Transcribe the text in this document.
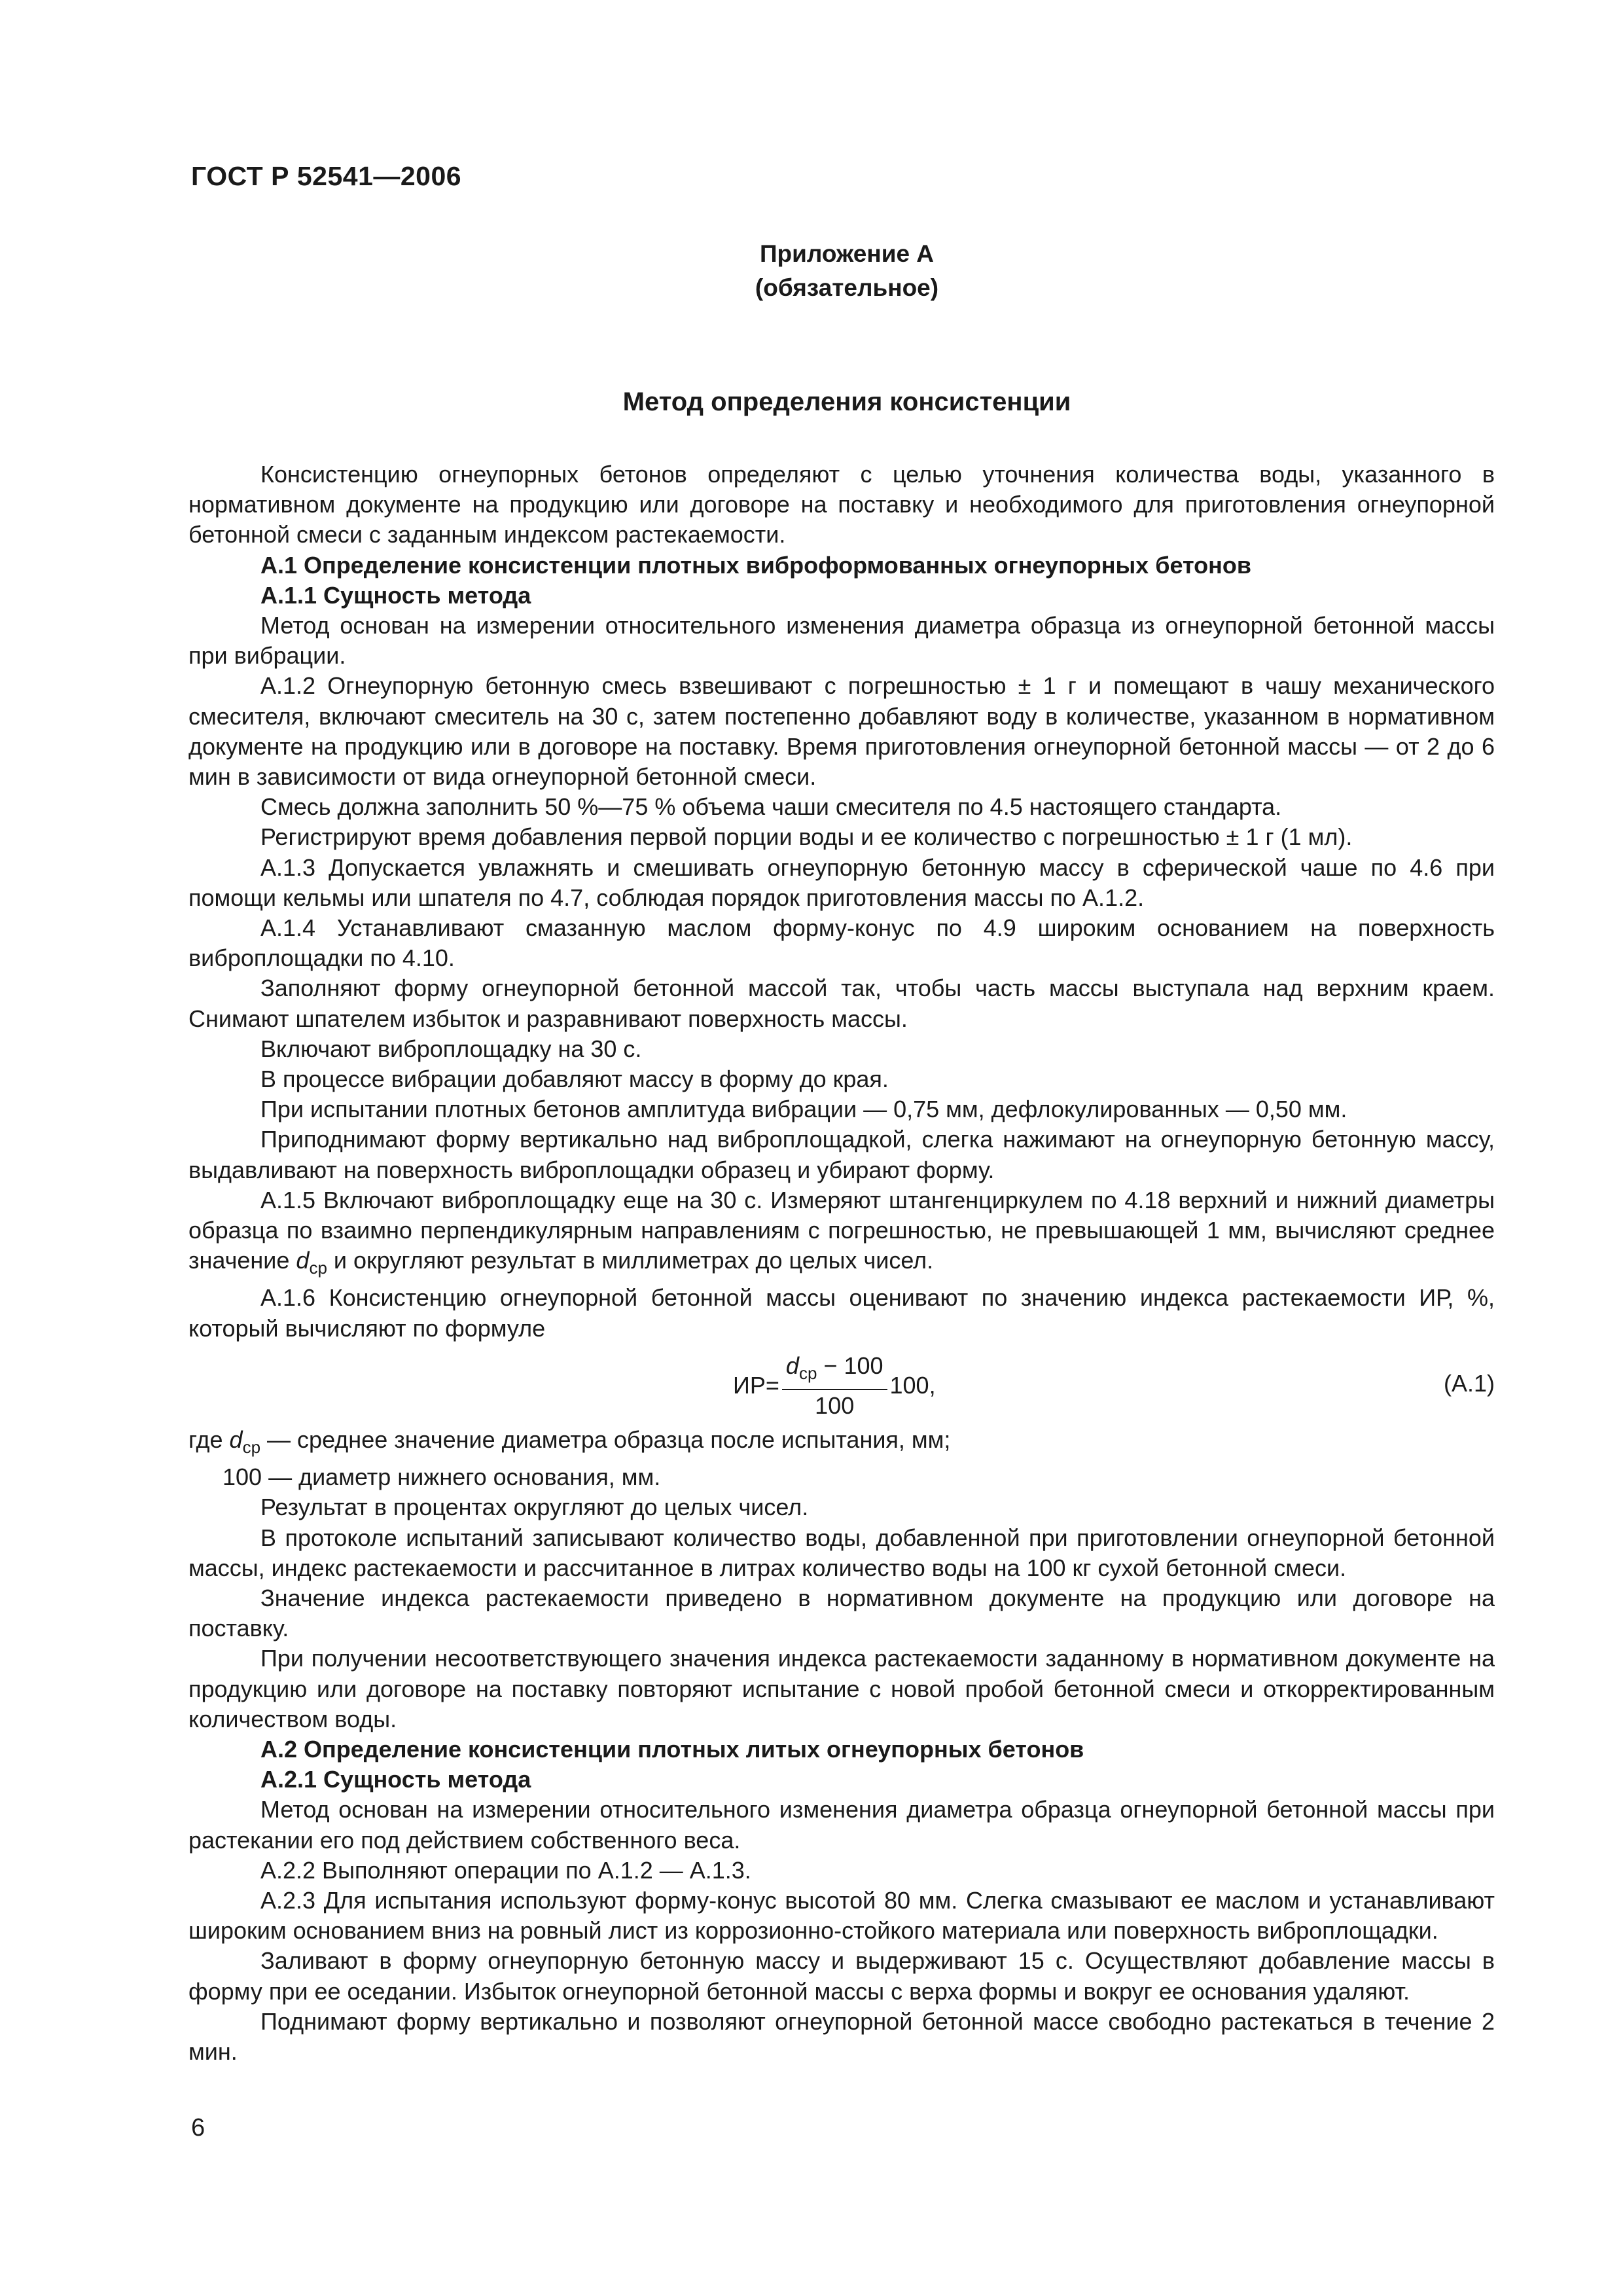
ГОСТ Р 52541—2006
Приложение А
(обязательное)
Метод определения консистенции

Консистенцию огнеупорных бетонов определяют с целью уточнения количества воды, указанного в нормативном документе на продукцию или договоре на поставку и необходимого для приготовления огнеупорной бетонной смеси с заданным индексом растекаемости.

А.1 Определение консистенции плотных виброформованных огнеупорных бетонов

А.1.1 Сущность метода

Метод основан на измерении относительного изменения диаметра образца из огнеупорной бетонной массы при вибрации.

А.1.2 Огнеупорную бетонную смесь взвешивают с погрешностью ± 1 г и помещают в чашу механического смесителя, включают смеситель на 30 с, затем постепенно добавляют воду в количестве, указанном в нормативном документе на продукцию или в договоре на поставку. Время приготовления огнеупорной бетонной массы — от 2 до 6 мин в зависимости от вида огнеупорной бетонной смеси.

Смесь должна заполнить 50 %—75 % объема чаши смесителя по 4.5 настоящего стандарта.

Регистрируют время добавления первой порции воды и ее количество с погрешностью ± 1 г (1 мл).

А.1.3 Допускается увлажнять и смешивать огнеупорную бетонную массу в сферической чаше по 4.6 при помощи кельмы или шпателя по 4.7, соблюдая порядок приготовления массы по А.1.2.

А.1.4 Устанавливают смазанную маслом форму-конус по 4.9 широким основанием на поверхность виброплощадки по 4.10.

Заполняют форму огнеупорной бетонной массой так, чтобы часть массы выступала над верхним краем. Снимают шпателем избыток и разравнивают поверхность массы.

Включают виброплощадку на 30 с.

В процессе вибрации добавляют массу в форму до края.

При испытании плотных бетонов амплитуда вибрации — 0,75 мм, дефлокулированных — 0,50 мм.

Приподнимают форму вертикально над виброплощадкой, слегка нажимают на огнеупорную бетонную массу, выдавливают на поверхность виброплощадки образец и убирают форму.

А.1.5 Включают виброплощадку еще на 30 с. Измеряют штангенциркулем по 4.18 верхний и нижний диаметры образца по взаимно перпендикулярным направлениям с погрешностью, не превышающей 1 мм, вычисляют среднее значение $d_{ср}$ и округляют результат в миллиметрах до целых чисел.

А.1.6 Консистенцию огнеупорной бетонной массы оценивают по значению индекса растекаемости ИР, %, который вычисляют по формуле

$ИР= \frac{d_{ср} - 100}{100} 100$,	(А.1)

где $d_{ср}$ — среднее значение диаметра образца после испытания, мм;

100 — диаметр нижнего основания, мм.

Результат в процентах округляют до целых чисел.

В протоколе испытаний записывают количество воды, добавленной при приготовлении огнеупорной бетонной массы, индекс растекаемости и рассчитанное в литрах количество воды на 100 кг сухой бетонной смеси.

Значение индекса растекаемости приведено в нормативном документе на продукцию или договоре на поставку.

При получении несоответствующего значения индекса растекаемости заданному в нормативном документе на продукцию или договоре на поставку повторяют испытание с новой пробой бетонной смеси и откорректированным количеством воды.

А.2 Определение консистенции плотных литых огнеупорных бетонов

А.2.1 Сущность метода

Метод основан на измерении относительного изменения диаметра образца огнеупорной бетонной массы при растекании его под действием собственного веса.

А.2.2 Выполняют операции по А.1.2 — А.1.3.

А.2.3 Для испытания используют форму-конус высотой 80 мм. Слегка смазывают ее маслом и устанавливают широким основанием вниз на ровный лист из коррозионно-стойкого материала или поверхность виброплощадки.

Заливают в форму огнеупорную бетонную массу и выдерживают 15 с. Осуществляют добавление массы в форму при ее оседании. Избыток огнеупорной бетонной массы с верха формы и вокруг ее основания удаляют.

Поднимают форму вертикально и позволяют огнеупорной бетонной массе свободно растекаться в течение 2 мин.

6
